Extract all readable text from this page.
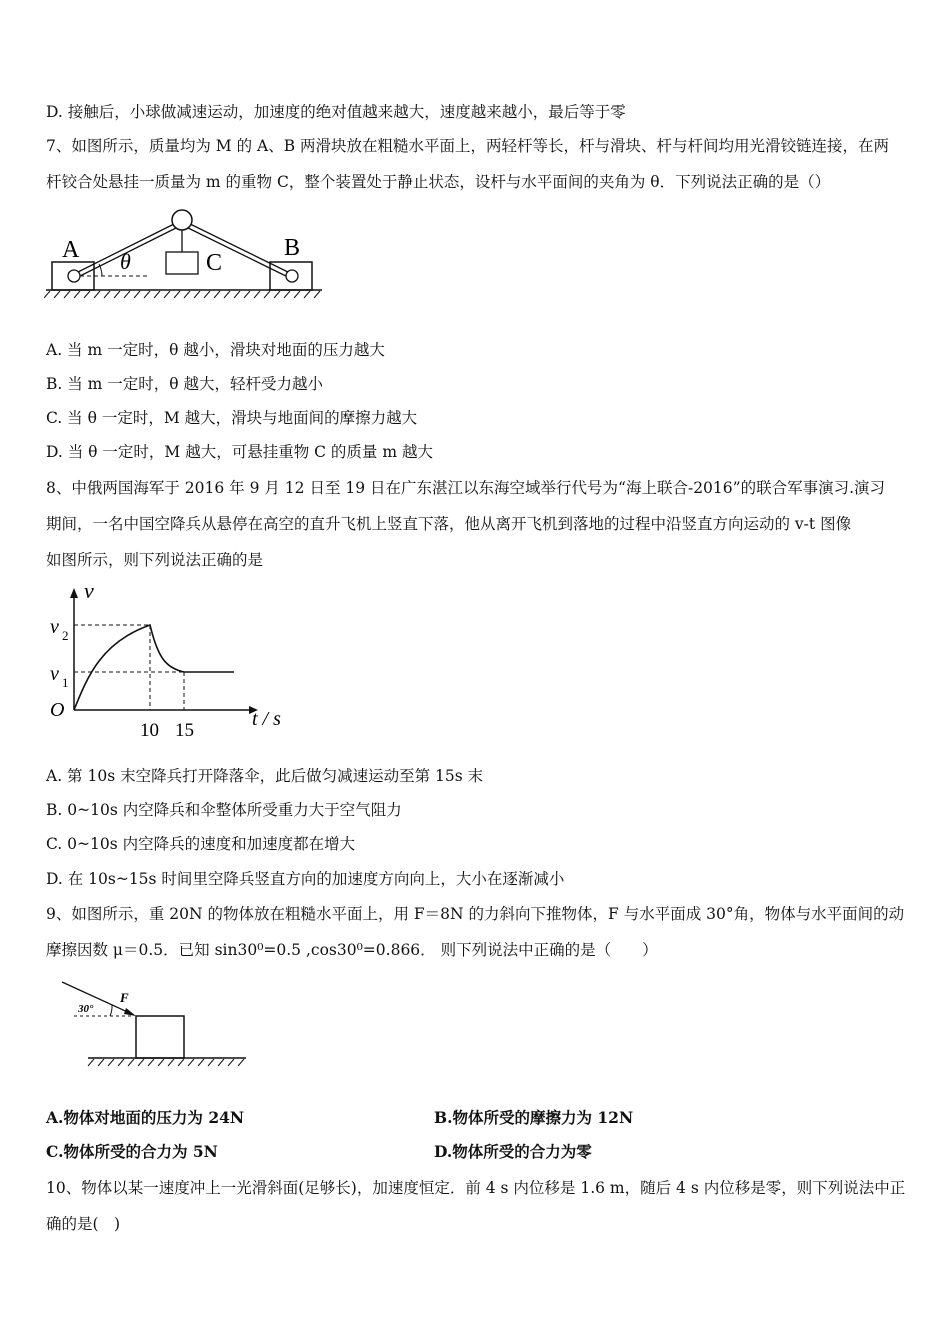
D. 接触后，小球做减速运动，加速度的绝对值越来越大，速度越来越小，最后等于零
7、如图所示，质量均为 M 的 A、B 两滑块放在粗糙水平面上，两轻杆等长，杆与滑块、杆与杆间均用光滑铰链连接，在两
杆铰合处悬挂一质量为 m 的重物 C，整个装置处于静止状态，设杆与水平面间的夹角为 θ．下列说法正确的是（）
A	B
C
θ
A. 当 m 一定时，θ 越小，滑块对地面的压力越大
B. 当 m 一定时，θ 越大，轻杆受力越小
C. 当 θ 一定时，M 越大，滑块与地面间的摩擦力越大
D. 当 θ 一定时，M 越大，可悬挂重物 C 的质量 m 越大
8、中俄两国海军于 2016 年 9 月 12 日至 19 日在广东湛江以东海空域举行代号为“海上联合-2016”的联合军事演习.演习
期间，一名中国空降兵从悬停在高空的直升飞机上竖直下落，他从离开飞机到落地的过程中沿竖直方向运动的 v-t 图像
如图所示，则下列说法正确的是
v
t / s
O
v 2
v 1
10 15
A. 第 10s 末空降兵打开降落伞，此后做匀减速运动至第 15s 末
B. 0~10s 内空降兵和伞整体所受重力大于空气阻力
C. 0~10s 内空降兵的速度和加速度都在增大
D. 在 10s~15s 时间里空降兵竖直方向的加速度方向向上，大小在逐渐减小
9、如图所示，重 20N 的物体放在粗糙水平面上，用 F＝8N 的力斜向下推物体，F 与水平面成 30°角，物体与水平面间的动
摩擦因数 μ＝0.5．已知 sin30⁰=0.5 ,cos30⁰=0.866． 则下列说法中正确的是（　　）
30°
F
A.物体对地面的压力为 24N	B.物体所受的摩擦力为 12N
C.物体所受的合力为 5N	D.物体所受的合力为零
10、物体以某一速度冲上一光滑斜面(足够长)，加速度恒定．前 4 s 内位移是 1.6 m，随后 4 s 内位移是零，则下列说法中正
确的是(　)
